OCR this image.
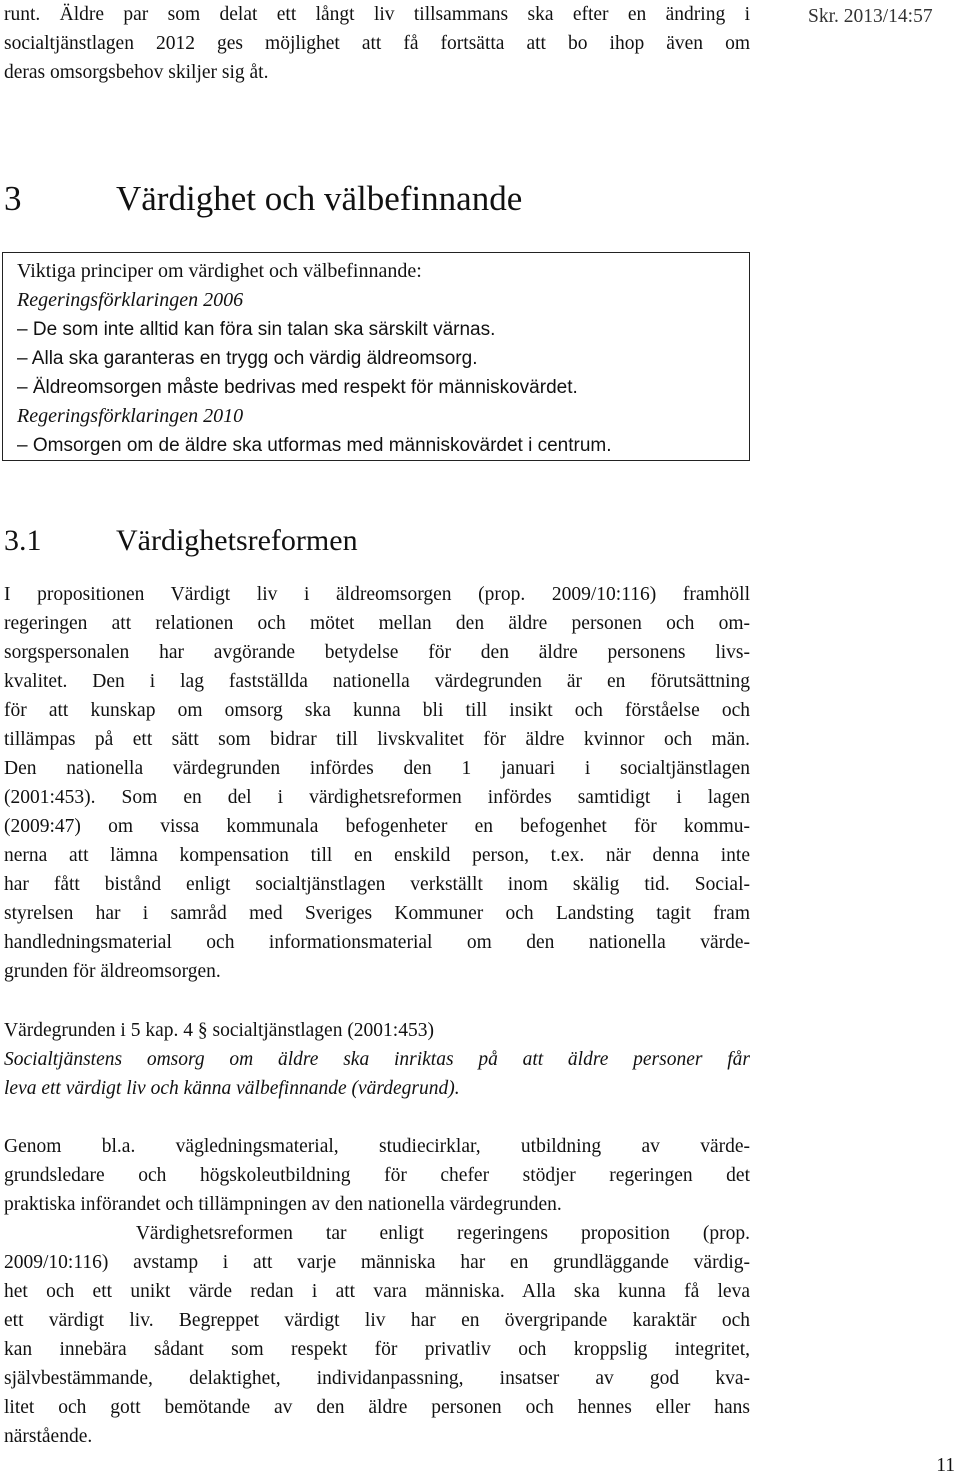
runt. Äldre par som delat ett långt liv tillsammans ska efter en ändring i
socialtjänstlagen 2012 ges möjlighet att få fortsätta att bo ihop även om
deras omsorgsbehov skiljer sig åt.
Skr. 2013/14:57
3	Värdighet och välbefinnande
Viktiga principer om värdighet och välbefinnande:
Regeringsförklaringen 2006
– De som inte alltid kan föra sin talan ska särskilt värnas.
– Alla ska garanteras en trygg och värdig äldreomsorg.
– Äldreomsorgen måste bedrivas med respekt för människovärdet.
Regeringsförklaringen 2010
– Omsorgen om de äldre ska utformas med människovärdet i centrum.
3.1 Värdighetsreformen
I propositionen Värdigt liv i äldreomsorgen (prop. 2009/10:116) framhöll
regeringen att relationen och mötet mellan den äldre personen och om-
sorgspersonalen har avgörande betydelse för den äldre personens livs-
kvalitet. Den i lag fastställda nationella värdegrunden är en förutsättning
för att kunskap om omsorg ska kunna bli till insikt och förståelse och
tillämpas på ett sätt som bidrar till livskvalitet för äldre kvinnor och män.
Den nationella värdegrunden infördes den 1 januari i socialtjänstlagen
(2001:453). Som en del i värdighetsreformen infördes samtidigt i lagen
(2009:47) om vissa kommunala befogenheter en befogenhet för kommu-
nerna att lämna kompensation till en enskild person, t.ex. när denna inte
har fått bistånd enligt socialtjänstlagen verkställt inom skälig tid. Social-
styrelsen har i samråd med Sveriges Kommuner och Landsting tagit fram
handledningsmaterial och informationsmaterial om den nationella värde-
grunden för äldreomsorgen.
Värdegrunden i 5 kap. 4 § socialtjänstlagen (2001:453)
Socialtjänstens omsorg om äldre ska inriktas på att äldre personer får
leva ett värdigt liv och känna välbefinnande (värdegrund).
Genom bl.a. vägledningsmaterial, studiecirklar, utbildning av värde-
grundsledare och högskoleutbildning för chefer stödjer regeringen det
praktiska införandet och tillämpningen av den nationella värdegrunden.
Värdighetsreformen tar enligt regeringens proposition (prop.
2009/10:116) avstamp i att varje människa har en grundläggande värdig-
het och ett unikt värde redan i att vara människa. Alla ska kunna få leva
ett värdigt liv. Begreppet värdigt liv har en övergripande karaktär och
kan innebära sådant som respekt för privatliv och kroppslig integritet,
självbestämmande, delaktighet, individanpassning, insatser av god kva-
litet och gott bemötande av den äldre personen och hennes eller hans
närstående.
11
